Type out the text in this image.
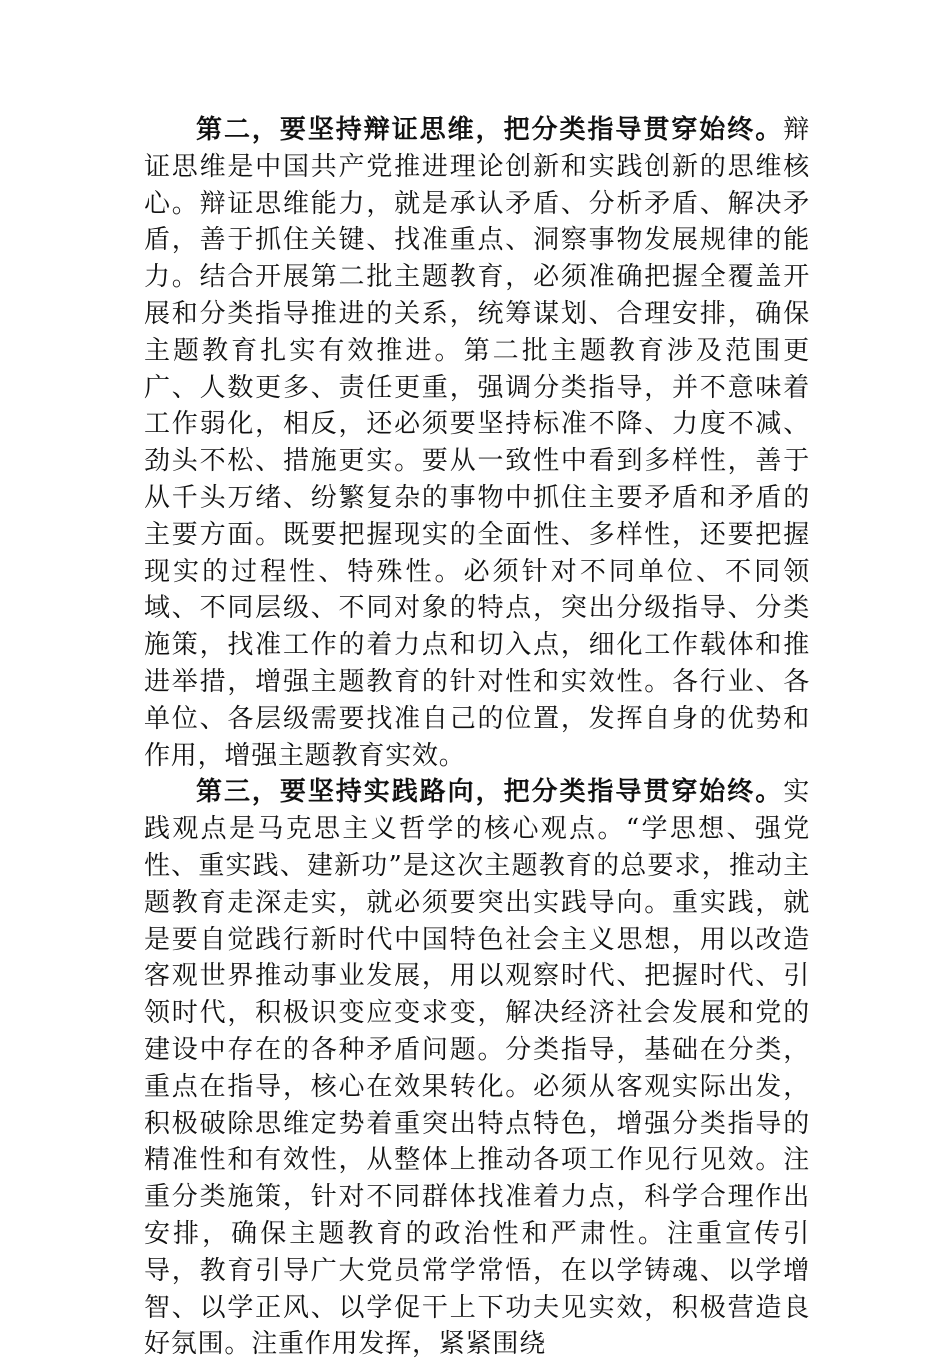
第二，要坚持辩证思维，把分类指导贯穿始终。辩证思维是中国共产党推进理论创新和实践创新的思维核心。辩证思维能力，就是承认矛盾、分析矛盾、解决矛盾，善于抓住关键、找准重点、洞察事物发展规律的能力。结合开展第二批主题教育，必须准确把握全覆盖开展和分类指导推进的关系，统筹谋划、合理安排，确保主题教育扎实有效推进。第二批主题教育涉及范围更广、人数更多、责任更重，强调分类指导，并不意味着工作弱化，相反，还必须要坚持标准不降、力度不减、劲头不松、措施更实。要从一致性中看到多样性，善于从千头万绪、纷繁复杂的事物中抓住主要矛盾和矛盾的主要方面。既要把握现实的全面性、多样性，还要把握现实的过程性、特殊性。必须针对不同单位、不同领域、不同层级、不同对象的特点，突出分级指导、分类施策，找准工作的着力点和切入点，细化工作载体和推进举措，增强主题教育的针对性和实效性。各行业、各单位、各层级需要找准自己的位置，发挥自身的优势和作用，增强主题教育实效。

第三，要坚持实践路向，把分类指导贯穿始终。实践观点是马克思主义哲学的核心观点。“学思想、强党性、重实践、建新功”是这次主题教育的总要求，推动主题教育走深走实，就必须要突出实践导向。重实践，就是要自觉践行新时代中国特色社会主义思想，用以改造客观世界推动事业发展，用以观察时代、把握时代、引领时代，积极识变应变求变，解决经济社会发展和党的建设中存在的各种矛盾问题。分类指导，基础在分类，重点在指导，核心在效果转化。必须从客观实际出发，积极破除思维定势着重突出特点特色，增强分类指导的精准性和有效性，从整体上推动各项工作见行见效。注重分类施策，针对不同群体找准着力点，科学合理作出安排，确保主题教育的政治性和严肃性。注重宣传引导，教育引导广大党员常学常悟，在以学铸魂、以学增智、以学正风、以学促干上下功夫见实效，积极营造良好氛围。注重作用发挥，紧紧围绕
